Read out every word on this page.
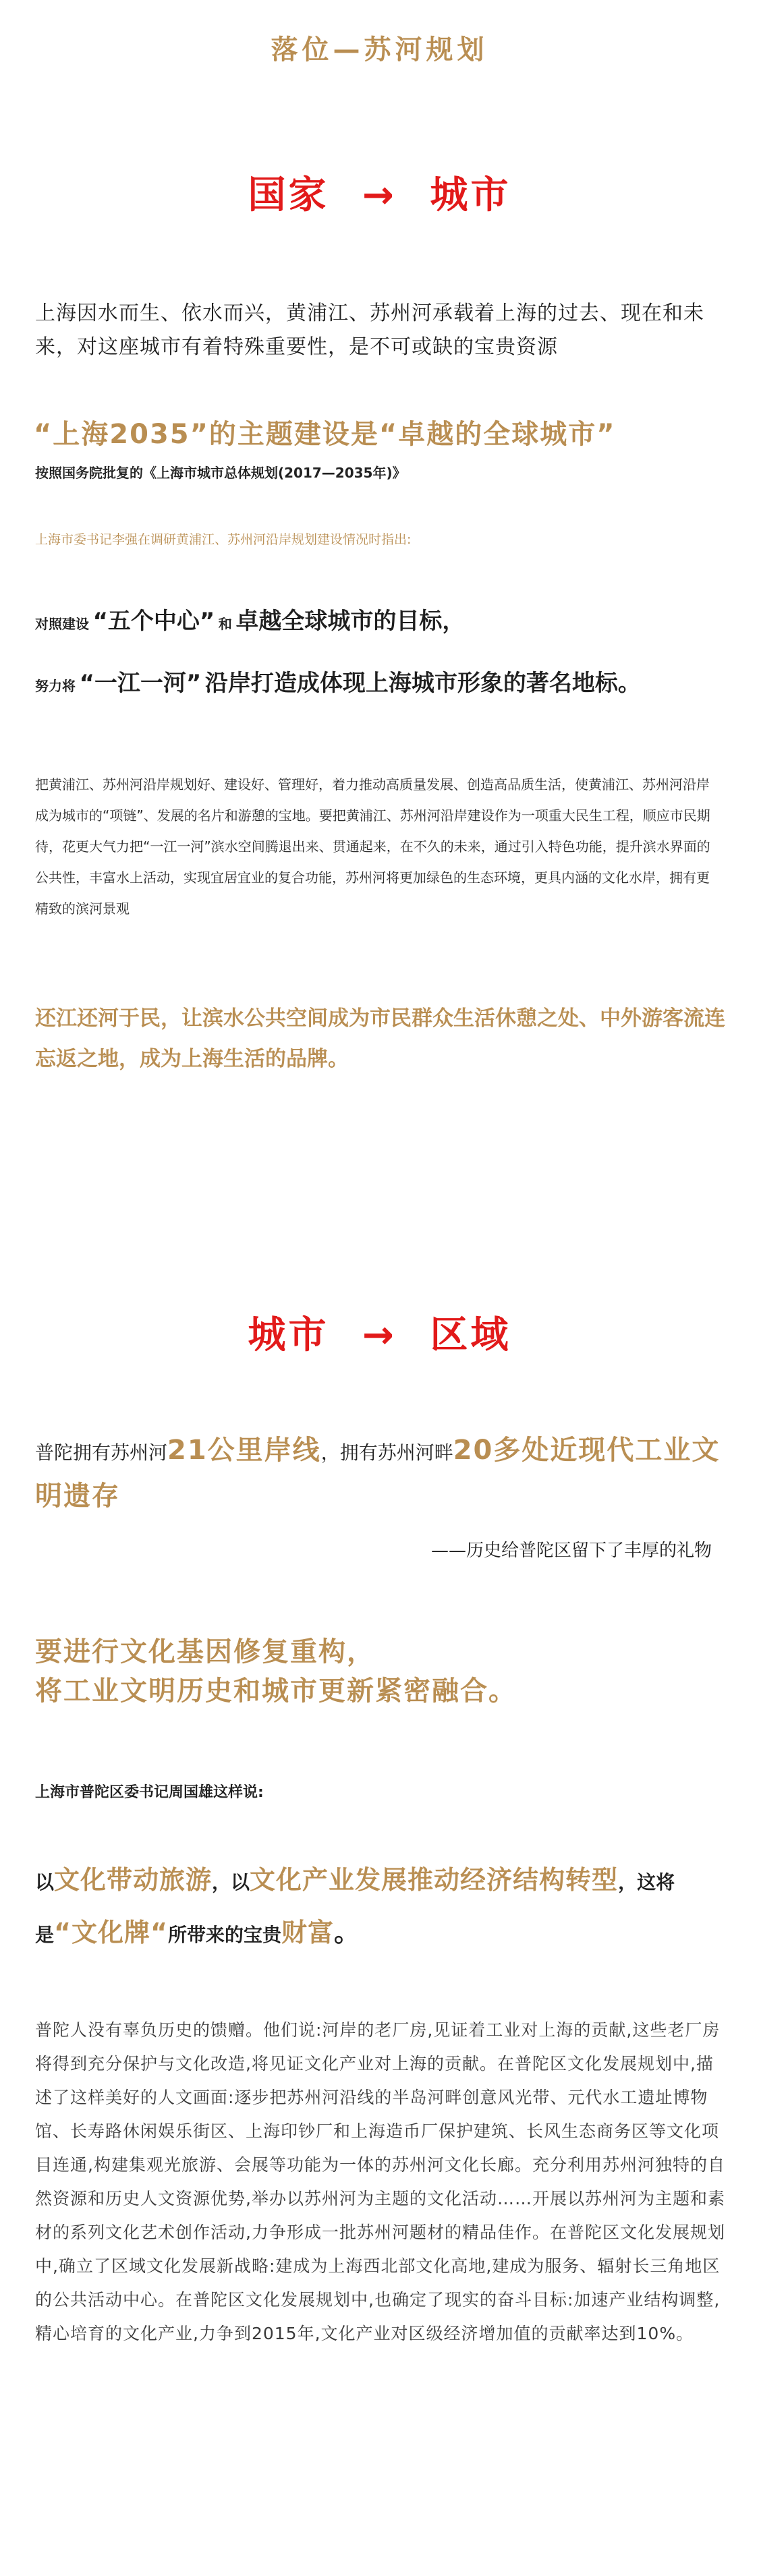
落位—苏河规划
国家 → 城市
上海因水而生、依水而兴，黄浦江、苏州河承载着上海的过去、现在和未来，对这座城市有着特殊重要性，是不可或缺的宝贵资源
“上海2035”的主题建设是“卓越的全球城市”
按照国务院批复的《上海市城市总体规划(2017—2035年)》
上海市委书记李强在调研黄浦江、苏州河沿岸规划建设情况时指出:
对照建设 “五个中心” 和 卓越全球城市的目标，
努力将 “一江一河” 沿岸打造成体现上海城市形象的著名地标。
把黄浦江、苏州河沿岸规划好、建设好、管理好，着力推动高质量发展、创造高品质生活，使黄浦江、苏州河沿岸成为城市的“项链”、发展的名片和游憩的宝地。要把黄浦江、苏州河沿岸建设作为一项重大民生工程，顺应市民期待，花更大气力把“一江一河”滨水空间腾退出来、贯通起来，在不久的未来，通过引入特色功能，提升滨水界面的公共性，丰富水上活动，实现宜居宜业的复合功能，苏州河将更加绿色的生态环境，更具内涵的文化水岸，拥有更精致的滨河景观
还江还河于民，让滨水公共空间成为市民群众生活休憩之处、中外游客流连忘返之地，成为上海生活的品牌。
城市 → 区域
普陀拥有苏州河21公里岸线，拥有苏州河畔20多处近现代工业文明遗存
——历史给普陀区留下了丰厚的礼物
要进行文化基因修复重构，
将工业文明历史和城市更新紧密融合。
上海市普陀区委书记周国雄这样说:
以文化带动旅游，以文化产业发展推动经济结构转型，这将是“文化牌“所带来的宝贵财富。
普陀人没有辜负历史的馈赠。他们说:河岸的老厂房,见证着工业对上海的贡献,这些老厂房将得到充分保护与文化改造,将见证文化产业对上海的贡献。在普陀区文化发展规划中,描述了这样美好的人文画面:逐步把苏州河沿线的半岛河畔创意风光带、元代水工遗址博物馆、长寿路休闲娱乐街区、上海印钞厂和上海造币厂保护建筑、长风生态商务区等文化项目连通,构建集观光旅游、会展等功能为一体的苏州河文化长廊。充分利用苏州河独特的自然资源和历史人文资源优势,举办以苏州河为主题的文化活动……开展以苏州河为主题和素材的系列文化艺术创作活动,力争形成一批苏州河题材的精品佳作。在普陀区文化发展规划中,确立了区域文化发展新战略:建成为上海西北部文化高地,建成为服务、辐射长三角地区的公共活动中心。在普陀区文化发展规划中,也确定了现实的奋斗目标:加速产业结构调整,精心培育的文化产业,力争到2015年,文化产业对区级经济增加值的贡献率达到10%。
